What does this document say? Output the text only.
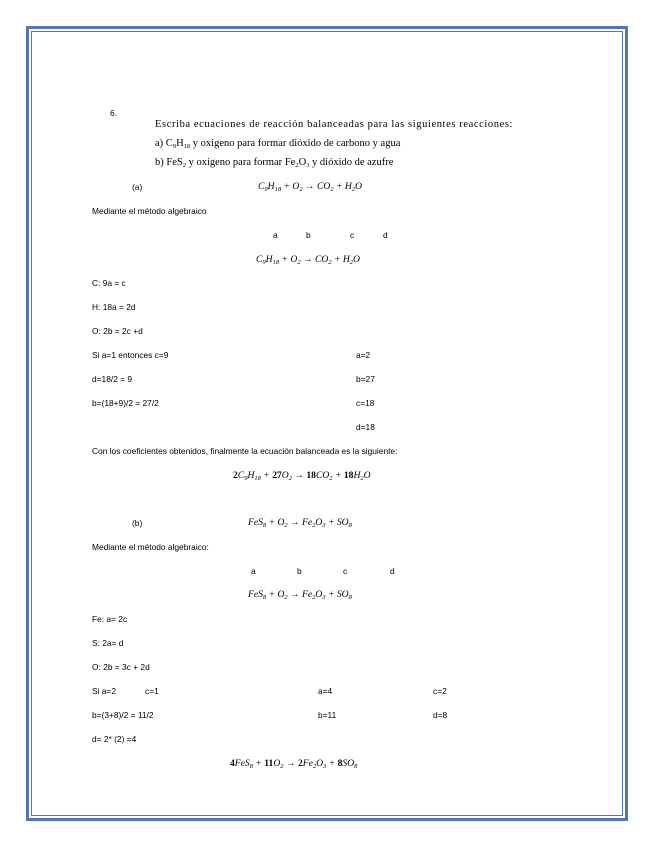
6.
Escriba ecuaciones de reacción balanceadas para las siguientes reacciones:
a) $C_9H_{18}$ y oxigeno para formar dióxido de carbono y agua
b) FeS$_2$ y oxigeno para formar $Fe_2O_3$ y dióxido de azufre
(a)	$C_9H_{18} + O_2 \to CO_2 + H_2O$
Mediante el método algebraico
a	b	c	d
$C_9H_{18} + O_2 \to CO_2 + H_2O$
C: 9a = c
H: 18a = 2d
O: 2b = 2c +d
Si a=1 entonces c=9
d=18/2 = 9
b=(18+9)/2 = 27/2
a=2
b=27
c=18
d=18
Con los coeficientes obtenidos, finalmente la ecuación balanceada es la siguiente:
$2C_9H_{18} + 27O_2 \to 18CO_2 + 18H_2O$
(b)	$FeS_8 + O_2 \to Fe_2O_3 + SO_8$
Mediante el método algebraico:
a	b	c	d
$FeS_8 + O_2 \to Fe_2O_3 + SO_8$
Fe: a= 2c
S: 2a= d
O: 2b = 3c + 2d
Si a=2	c=1
b=(3+8)/2 = 11/2
d= 2* (2) =4
a=4	c=2
b=11	d=8
$4FeS_8 + 11O_2 \to 2Fe_2O_3 + 8SO_8$
